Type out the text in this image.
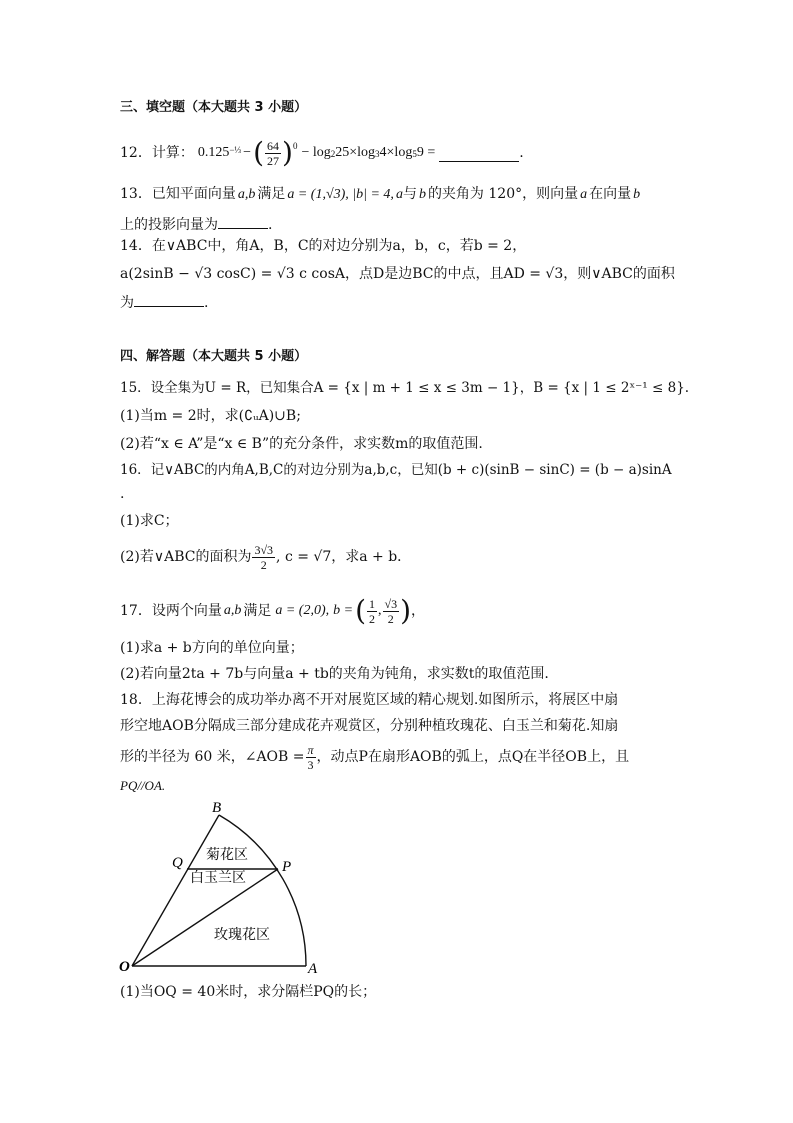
三、填空题（本大题共 3 小题）
12．计算： $0.125^{-\frac{1}{3}}$ − ( $\frac{64}{27} )^0 - \log 2$ 25×log 3 4×log 5 9 =	.
13．已知平面向量 a,b 满足 a = (1,√3), |b| = 4, a与 b 的夹角为 120°，则向量 a 在向量 b
上的投影向量为	.
14．在∨ABC中，角A，B，C的对边分别为a，b，c，若b = 2，
a(2sinB − √3 cosC) = √3 c cosA，点D是边BC的中点，且AD = √3，则∨ABC的面积
为	.
四、解答题（本大题共 5 小题）
15．设全集为U = R，已知集合A = {x | m + 1 ≤ x ≤ 3m − 1}，B = {x | 1 ≤ 2ˣ⁻¹ ≤ 8}.
(1)当m = 2时，求(∁ᵤA)∪B;
(2)若“x ∈ A”是“x ∈ B”的充分条件，求实数m的取值范围.
16．记∨ABC的内角A,B,C的对边分别为a,b,c，已知(b + c)(sinB − sinC) = (b − a)sinA
.
(1)求C；
(2)若∨ABC的面积为 $\frac{3√3}{2}$ , c = √7，求a + b．
17．设两个向量 a,b 满足 a = (2,0), b = ( $\frac{1}{2}$ , $\frac{√3}{2}$ ) ，
(1)求a + b方向的单位向量；
(2)若向量2ta + 7b与向量a + tb的夹角为钝角，求实数t的取值范围.
18．上海花博会的成功举办离不开对展览区域的精心规划.如图所示，将展区中扇
形空地AOB分隔成三部分建成花卉观赏区，分别种植玫瑰花、白玉兰和菊花.知扇
形的半径为 60 米，∠AOB = $\frac{\pi}{3}$ ，动点P在扇形AOB的弧上，点Q在半径OB上，且
PQ//OA.
B
Q	P
O	A
菊花区
白玉兰区
玫瑰花区
(1)当OQ = 40米时，求分隔栏PQ的长；
